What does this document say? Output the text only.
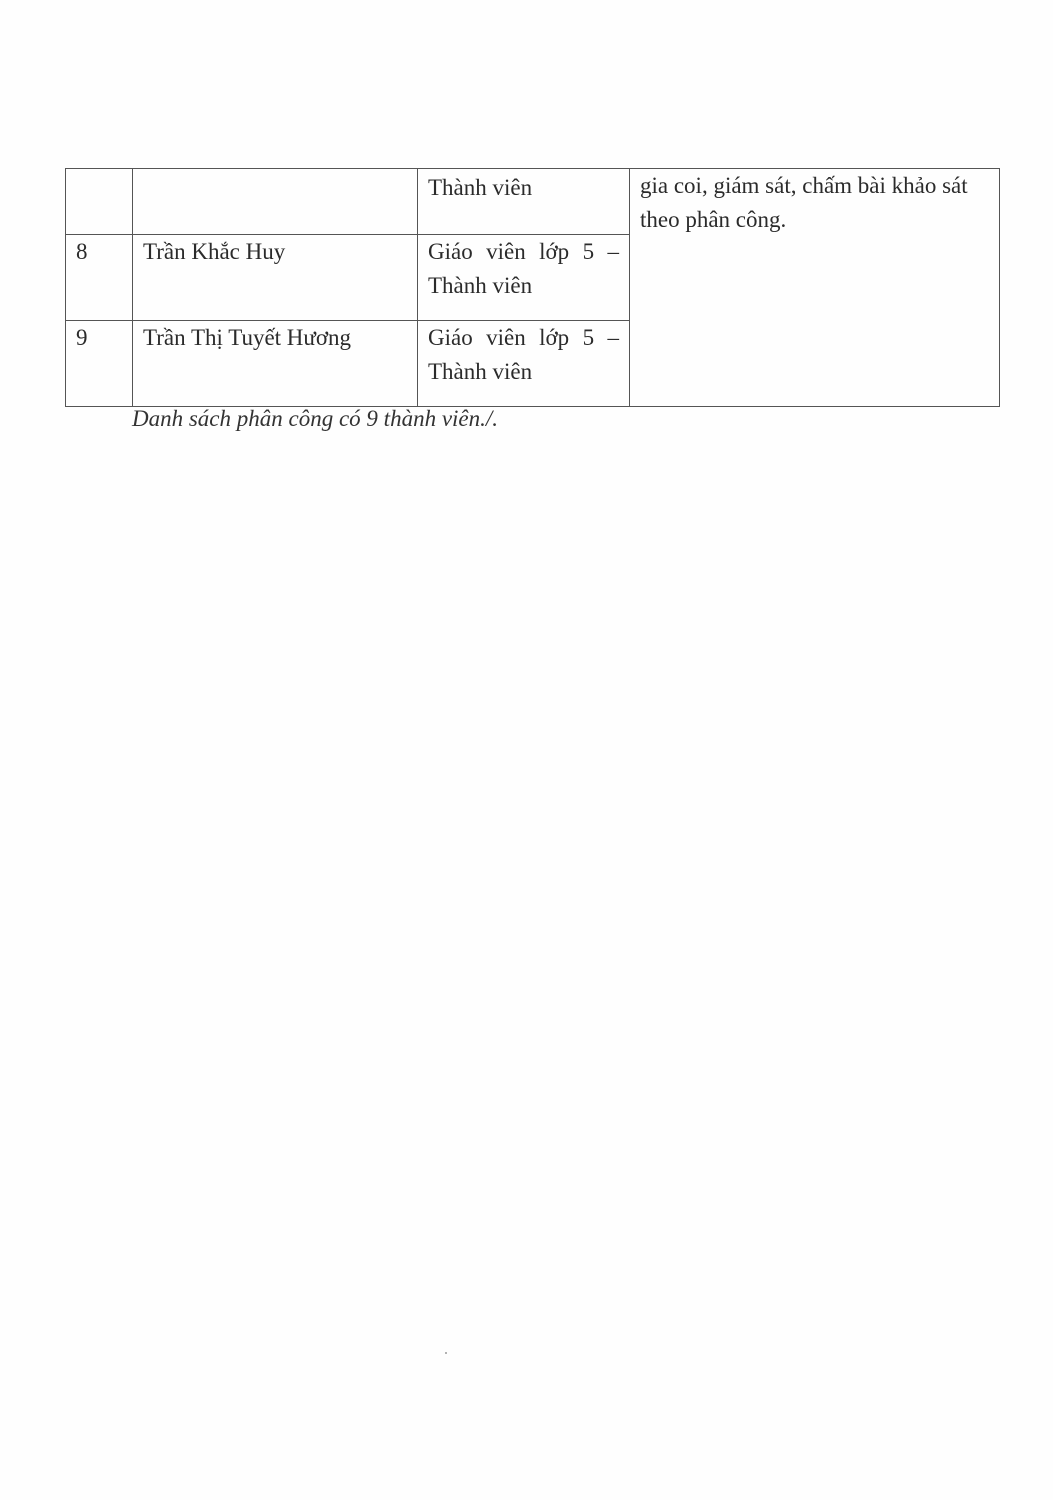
		Thành viên	gia coi, giám sát, chấm bài khảo sát theo phân công.
8	Trần Khắc Huy	Giáo viên lớp 5 –
Thành viên	

9	Trần Thị Tuyết Hương	Giáo viên lớp 5 –
Thành viên	
Danh sách phân công có 9 thành viên./.
